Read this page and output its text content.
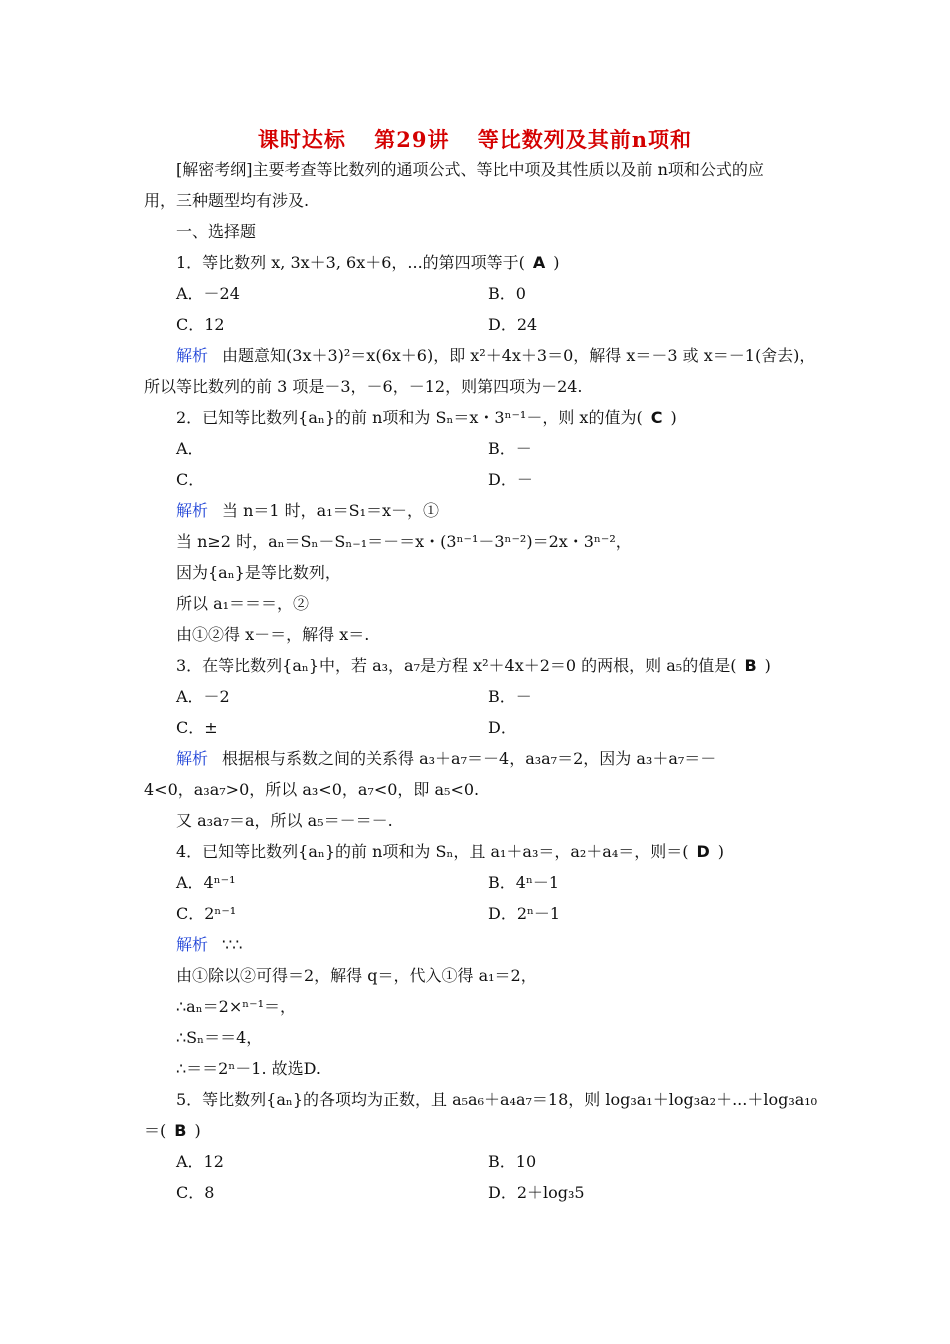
课时达标 第29讲 等比数列及其前n项和
[解密考纲]主要考查等比数列的通项公式、等比中项及其性质以及前 n项和公式的应
用，三种题型均有涉及.
一、选择题
1．等比数列 x, 3x＋3, 6x＋6，...的第四项等于( A )
A．－24	B．0
C．12	D．24
解析 由题意知(3x＋3)²＝x(6x＋6)，即 x²＋4x＋3＝0，解得 x＝－3 或 x＝－1(舍去)，
所以等比数列的前 3 项是－3，－6，－12，则第四项为－24.
2．已知等比数列{aₙ}的前 n项和为 Sₙ＝x・3ⁿ⁻¹－，则 x的值为( C )
A．	B．－
C．	D．－
解析 当 n＝1 时，a₁＝S₁＝x－，①
当 n≥2 时，aₙ＝Sₙ－Sₙ₋₁＝－＝x・(3ⁿ⁻¹－3ⁿ⁻²)＝2x・3ⁿ⁻²，
因为{aₙ}是等比数列，
所以 a₁＝＝＝，②
由①②得 x－＝，解得 x＝.
3．在等比数列{aₙ}中，若 a₃，a₇是方程 x²＋4x＋2＝0 的两根，则 a₅的值是( B )
A．－2	B．－
C．±	D．
解析 根据根与系数之间的关系得 a₃＋a₇＝－4，a₃a₇＝2，因为 a₃＋a₇＝－
4<0，a₃a₇>0，所以 a₃<0，a₇<0，即 a₅<0.
又 a₃a₇＝a，所以 a₅＝－＝－.
4．已知等比数列{aₙ}的前 n项和为 Sₙ，且 a₁＋a₃＝，a₂＋a₄＝，则＝( D )
A．4ⁿ⁻¹	B．4ⁿ－1
C．2ⁿ⁻¹	D．2ⁿ－1
解析 ∵∴
由①除以②可得＝2，解得 q＝，代入①得 a₁＝2，
∴aₙ＝2×ⁿ⁻¹＝，
∴Sₙ＝＝4，
∴＝＝2ⁿ－1. 故选D.
5．等比数列{aₙ}的各项均为正数，且 a₅a₆＋a₄a₇＝18，则 log₃a₁＋log₃a₂＋...＋log₃a₁₀
＝( B )
A．12	B．10
C．8	D．2＋log₃5
